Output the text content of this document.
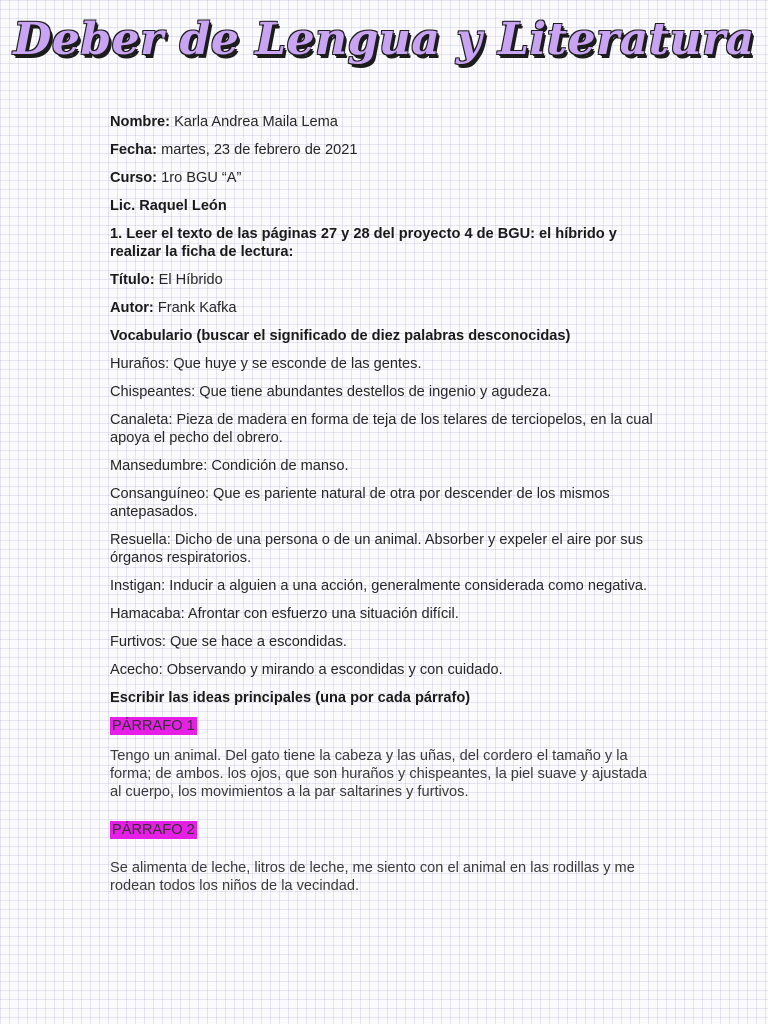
Deber de Lengua y Literatura

Nombre: Karla Andrea Maila Lema

Fecha: martes, 23 de febrero de 2021

Curso: 1ro BGU “A”

Lic. Raquel León

1. Leer el texto de las páginas 27 y 28 del proyecto 4 de BGU: el híbrido y realizar la ficha de lectura:

Título: El Híbrido

Autor: Frank Kafka

Vocabulario (buscar el significado de diez palabras desconocidas)

Huraños: Que huye y se esconde de las gentes.

Chispeantes: Que tiene abundantes destellos de ingenio y agudeza.

Canaleta: Pieza de madera en forma de teja de los telares de terciopelos, en la cual apoya el pecho del obrero.

Mansedumbre: Condición de manso.

Consanguíneo: Que es pariente natural de otra por descender de los mismos antepasados.

Resuella: Dicho de una persona o de un animal. Absorber y expeler el aire por sus órganos respiratorios.

Instigan: Inducir a alguien a una acción, generalmente considerada como negativa.

Hamacaba: Afrontar con esfuerzo una situación difícil.

Furtivos: Que se hace a escondidas.

Acecho: Observando y mirando a escondidas y con cuidado.

Escribir las ideas principales (una por cada párrafo)

PÁRRAFO 1

Tengo un animal. Del gato tiene la cabeza y las uñas, del cordero el tamaño y la forma; de ambos. los ojos, que son huraños y chispeantes, la piel suave y ajustada al cuerpo, los movimientos a la par saltarines y furtivos.

PÁRRAFO 2

Se alimenta de leche, litros de leche, me siento con el animal en las rodillas y me rodean todos los niños de la vecindad.
